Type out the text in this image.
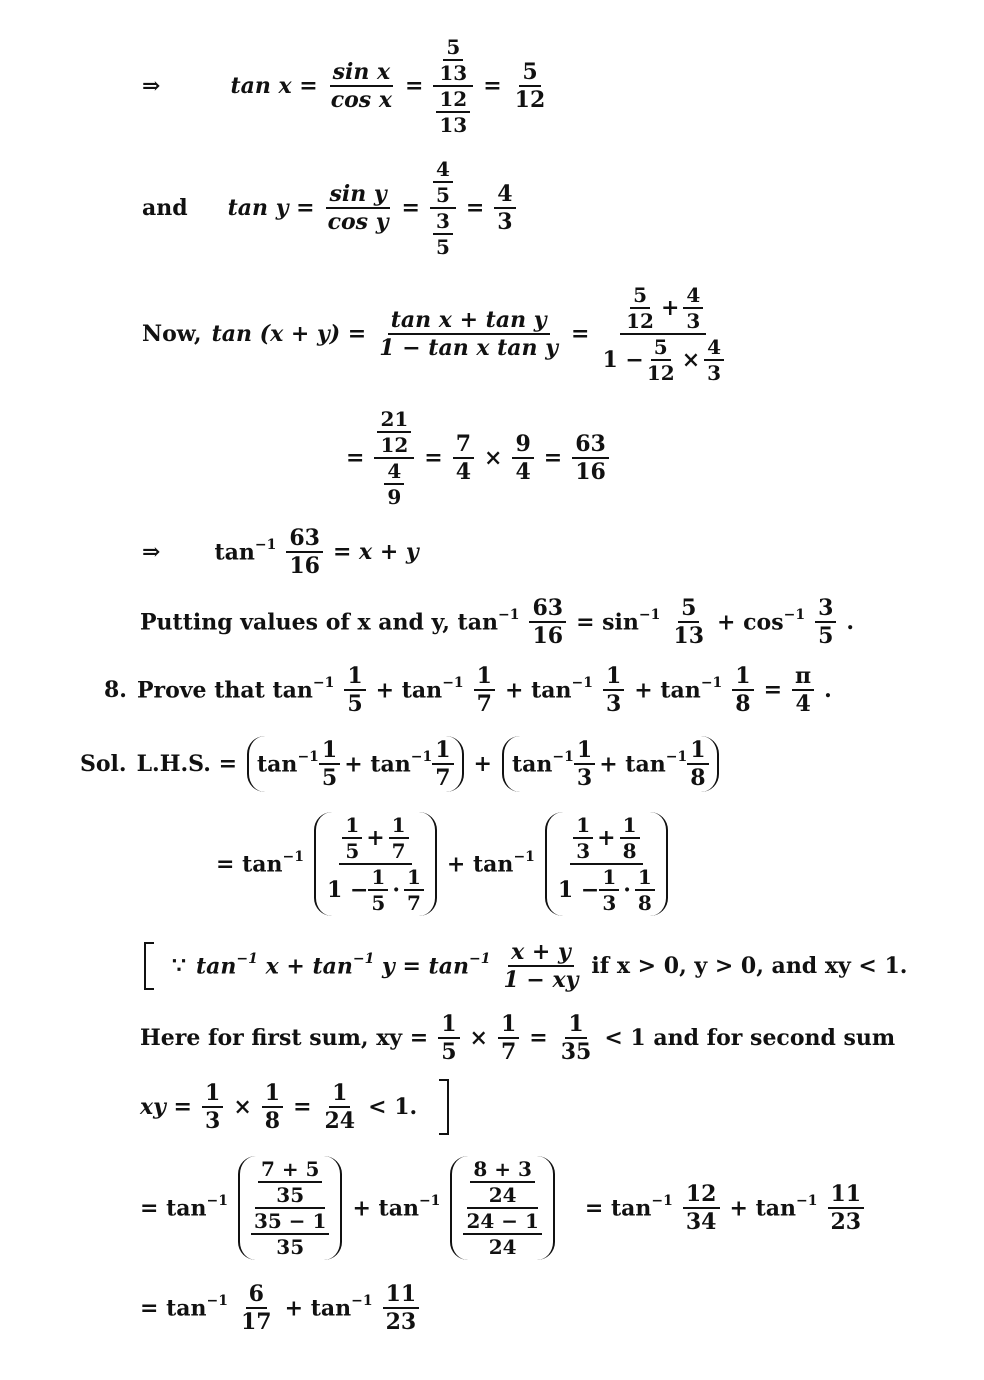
⇒	$\tan x = \frac{\text{sin x}}{\text{cos x}} = \frac{\frac{5}{13}}{\frac{12}{13}} = \frac{5}{12}$
and $\tan y = \frac{\text{sin y}}{\text{cos y}} = \frac{\frac{4}{5}}{\frac{3}{5}} = \frac{4}{3}$
Now, $\tan (x + y) = \frac{\text{tan x + tan y}}{\text{1 − tan x tan y}} = \frac{\frac{5}{12} + \frac{4}{3}}{1 - \frac{5}{12} \times \frac{4}{3}}$
= $\frac{\frac{21}{12}}{\frac{4}{9}} = \frac{7}{4} \times \frac{9}{4} = \frac{63}{16}$
⇒ $\tan^{-1} \frac{63}{16} = x + y$
Putting values of x and y, $\tan^{-1} \frac{63}{16} = \sin^{-1} \frac{5}{13} + \cos^{-1} \frac{3}{5}$ .
8. Prove that $\tan^{-1} \frac{1}{5} + \tan^{-1} \frac{1}{7} + \tan^{-1} \frac{1}{3} + \tan^{-1} \frac{1}{8} = \frac{\pi}{4}$ .
Sol. L.H.S. = $\tan^{-1} \frac{1}{5} + \tan^{-1} \frac{1}{7} + \tan^{-1} \frac{1}{3} + \tan^{-1} \frac{1}{8}$
= $\tan^{-1} \frac{\frac{1}{5} + \frac{1}{7}}{1 - \frac{1}{5} \cdot \frac{1}{7}} + \tan^{-1} \frac{\frac{1}{3} + \frac{1}{8}}{1 - \frac{1}{3} \cdot \frac{1}{8}}$
∵ $\tan^{-1} x + \tan^{-1} y = \tan^{-1} \frac{x + y}{1 - xy}$ if x > 0, y > 0, and xy < 1.
Here for first sum, xy = $\frac{1}{5} \times \frac{1}{7} = \frac{1}{35} < 1$ and for second sum
xy = $\frac{1}{3} \times \frac{1}{8} = \frac{1}{24} < 1$.
= $\tan^{-1} \frac{\frac{7 + 5}{35}}{\frac{35 - 1}{35}} + \tan^{-1} \frac{\frac{8 + 3}{24}}{\frac{24 - 1}{24}} = \tan^{-1} \frac{12}{34} + \tan^{-1} \frac{11}{23}$
= $\tan^{-1} \frac{6}{17} + \tan^{-1} \frac{11}{23}$
